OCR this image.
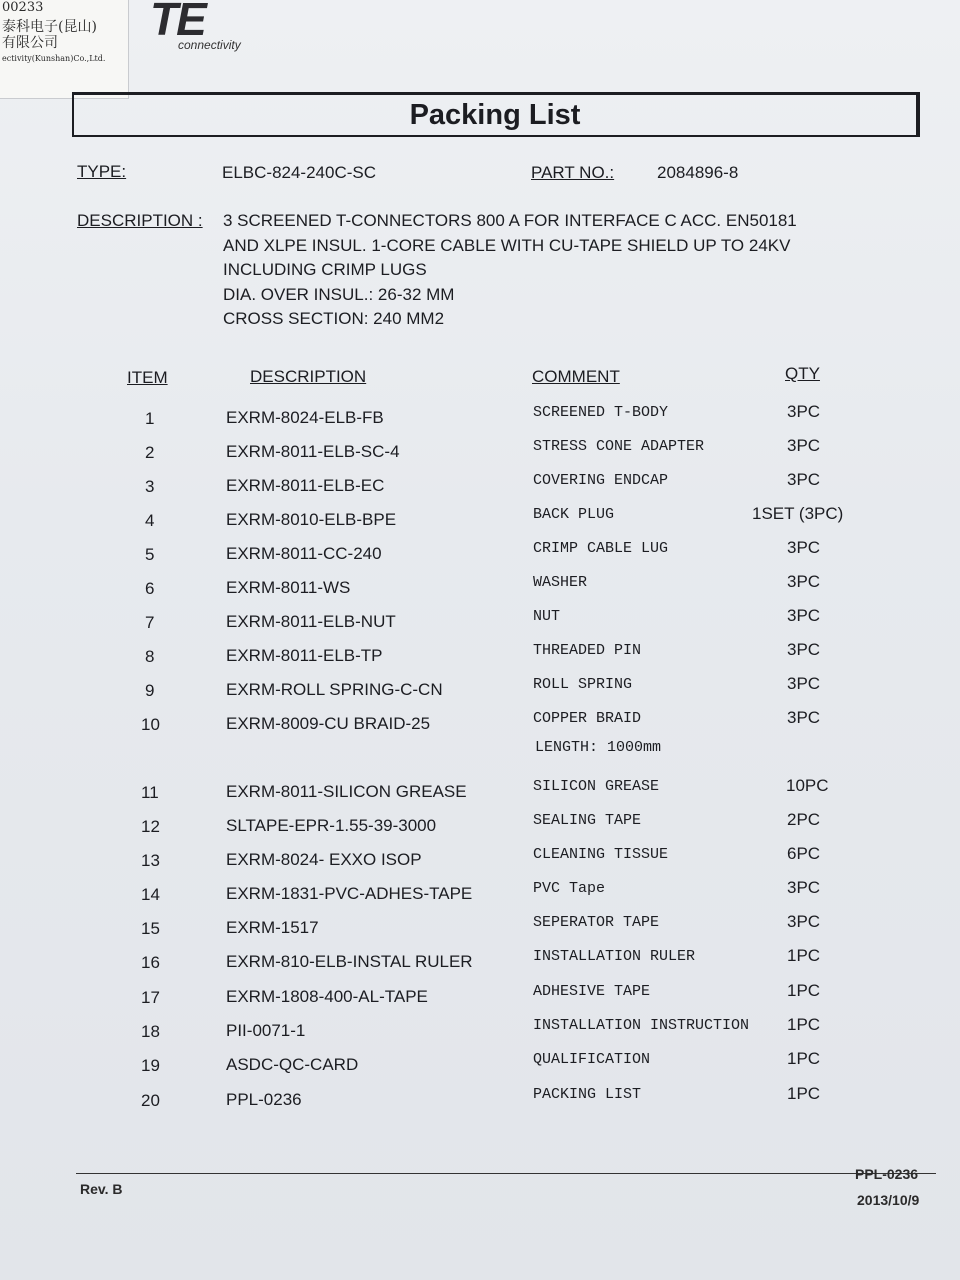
00233
泰科电子(昆山)
有限公司
ectivity(Kunshan)Co.,Ltd.
TE
connectivity
Packing List
TYPE:	ELBC-824-240C-SC	PART NO.:	2084896-8
DESCRIPTION : 3 SCREENED T-CONNECTORS 800 A FOR INTERFACE C ACC. EN50181
AND XLPE INSUL. 1-CORE CABLE WITH CU-TAPE SHIELD UP TO 24KV
INCLUDING CRIMP LUGS
DIA. OVER INSUL.: 26-32 MM
CROSS SECTION: 240 MM2
ITEM	DESCRIPTION	COMMENT	QTY
1	EXRM-8024-ELB-FB	SCREENED T-BODY	3PC
2	EXRM-8011-ELB-SC-4	STRESS CONE ADAPTER	3PC
3	EXRM-8011-ELB-EC	COVERING ENDCAP	3PC
4	EXRM-8010-ELB-BPE	BACK PLUG	1SET (3PC)
5	EXRM-8011-CC-240	CRIMP CABLE LUG	3PC
6	EXRM-8011-WS	WASHER	3PC
7	EXRM-8011-ELB-NUT	NUT	3PC
8	EXRM-8011-ELB-TP	THREADED PIN	3PC
9	EXRM-ROLL SPRING-C-CN	ROLL SPRING	3PC
10	EXRM-8009-CU BRAID-25	COPPER BRAID	3PC
LENGTH: 1000mm
11	EXRM-8011-SILICON GREASE	SILICON GREASE	10PC
12	SLTAPE-EPR-1.55-39-3000	SEALING TAPE	2PC
13	EXRM-8024- EXXO ISOP	CLEANING TISSUE	6PC
14	EXRM-1831-PVC-ADHES-TAPE	PVC Tape	3PC
15	EXRM-1517	SEPERATOR TAPE	3PC
16	EXRM-810-ELB-INSTAL RULER	INSTALLATION RULER	1PC
17	EXRM-1808-400-AL-TAPE	ADHESIVE TAPE	1PC
18	PII-0071-1	INSTALLATION INSTRUCTION 1PC
19	ASDC-QC-CARD	QUALIFICATION	1PC
20	PPL-0236	PACKING LIST	1PC
Rev. B
PPL-0236
2013/10/9
